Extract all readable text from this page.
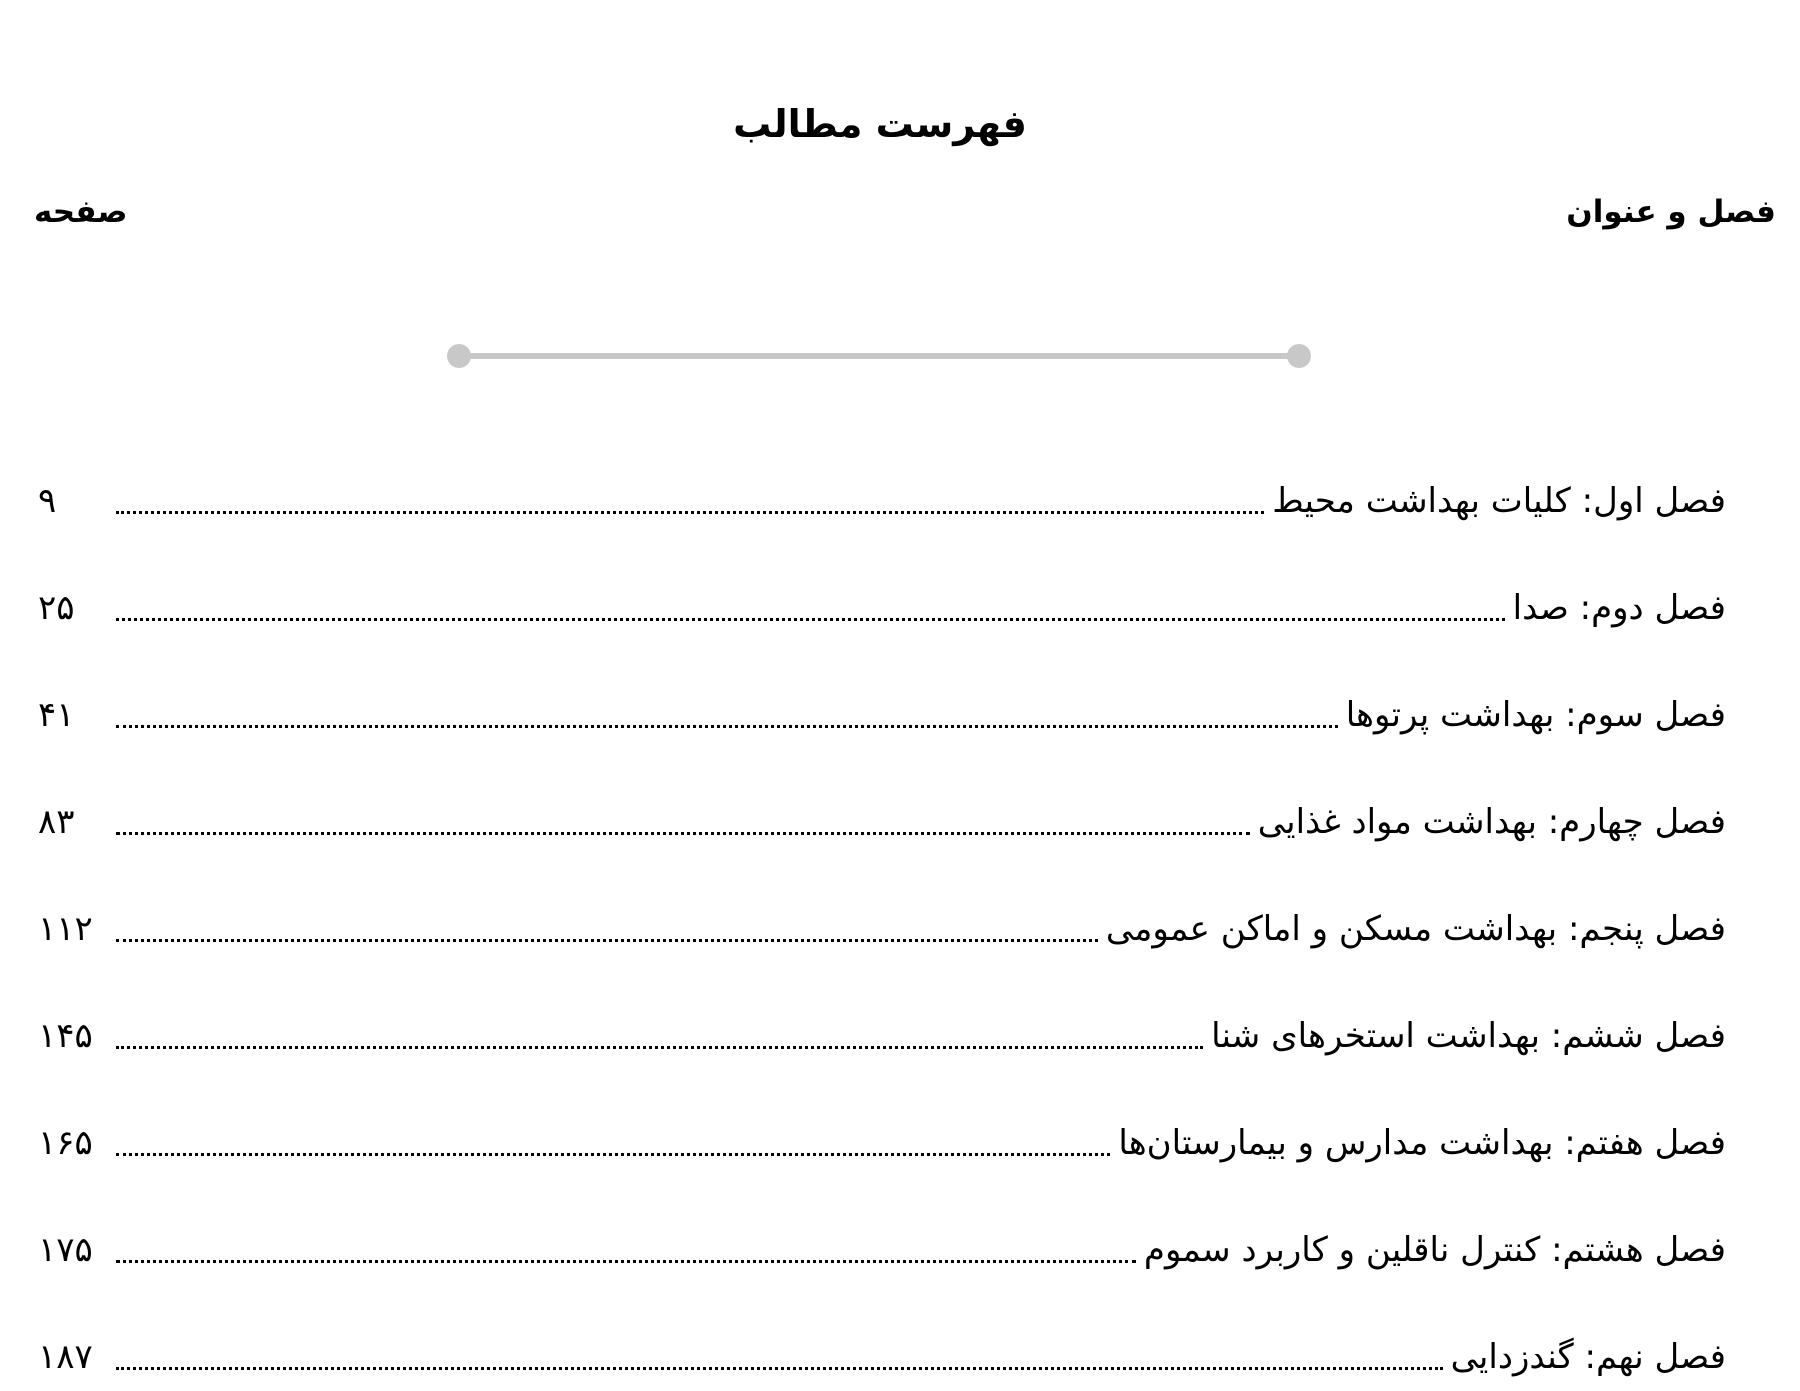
فهرست مطالب
فصل و عنوان
صفحه
فصل اول: کلیات بهداشت محیط
۹
فصل دوم: صدا
۲۵
فصل سوم: بهداشت پرتوها
۴۱
فصل چهارم: بهداشت مواد غذایی
۸۳
فصل پنجم: بهداشت مسکن و اماکن عمومی
۱۱۲
فصل ششم: بهداشت استخرهای شنا
۱۴۵
فصل هفتم: بهداشت مدارس و بیمارستان‌ها
۱۶۵
فصل هشتم: کنترل ناقلین و کاربرد سموم
۱۷۵
فصل نهم: گندزدایی
۱۸۷
